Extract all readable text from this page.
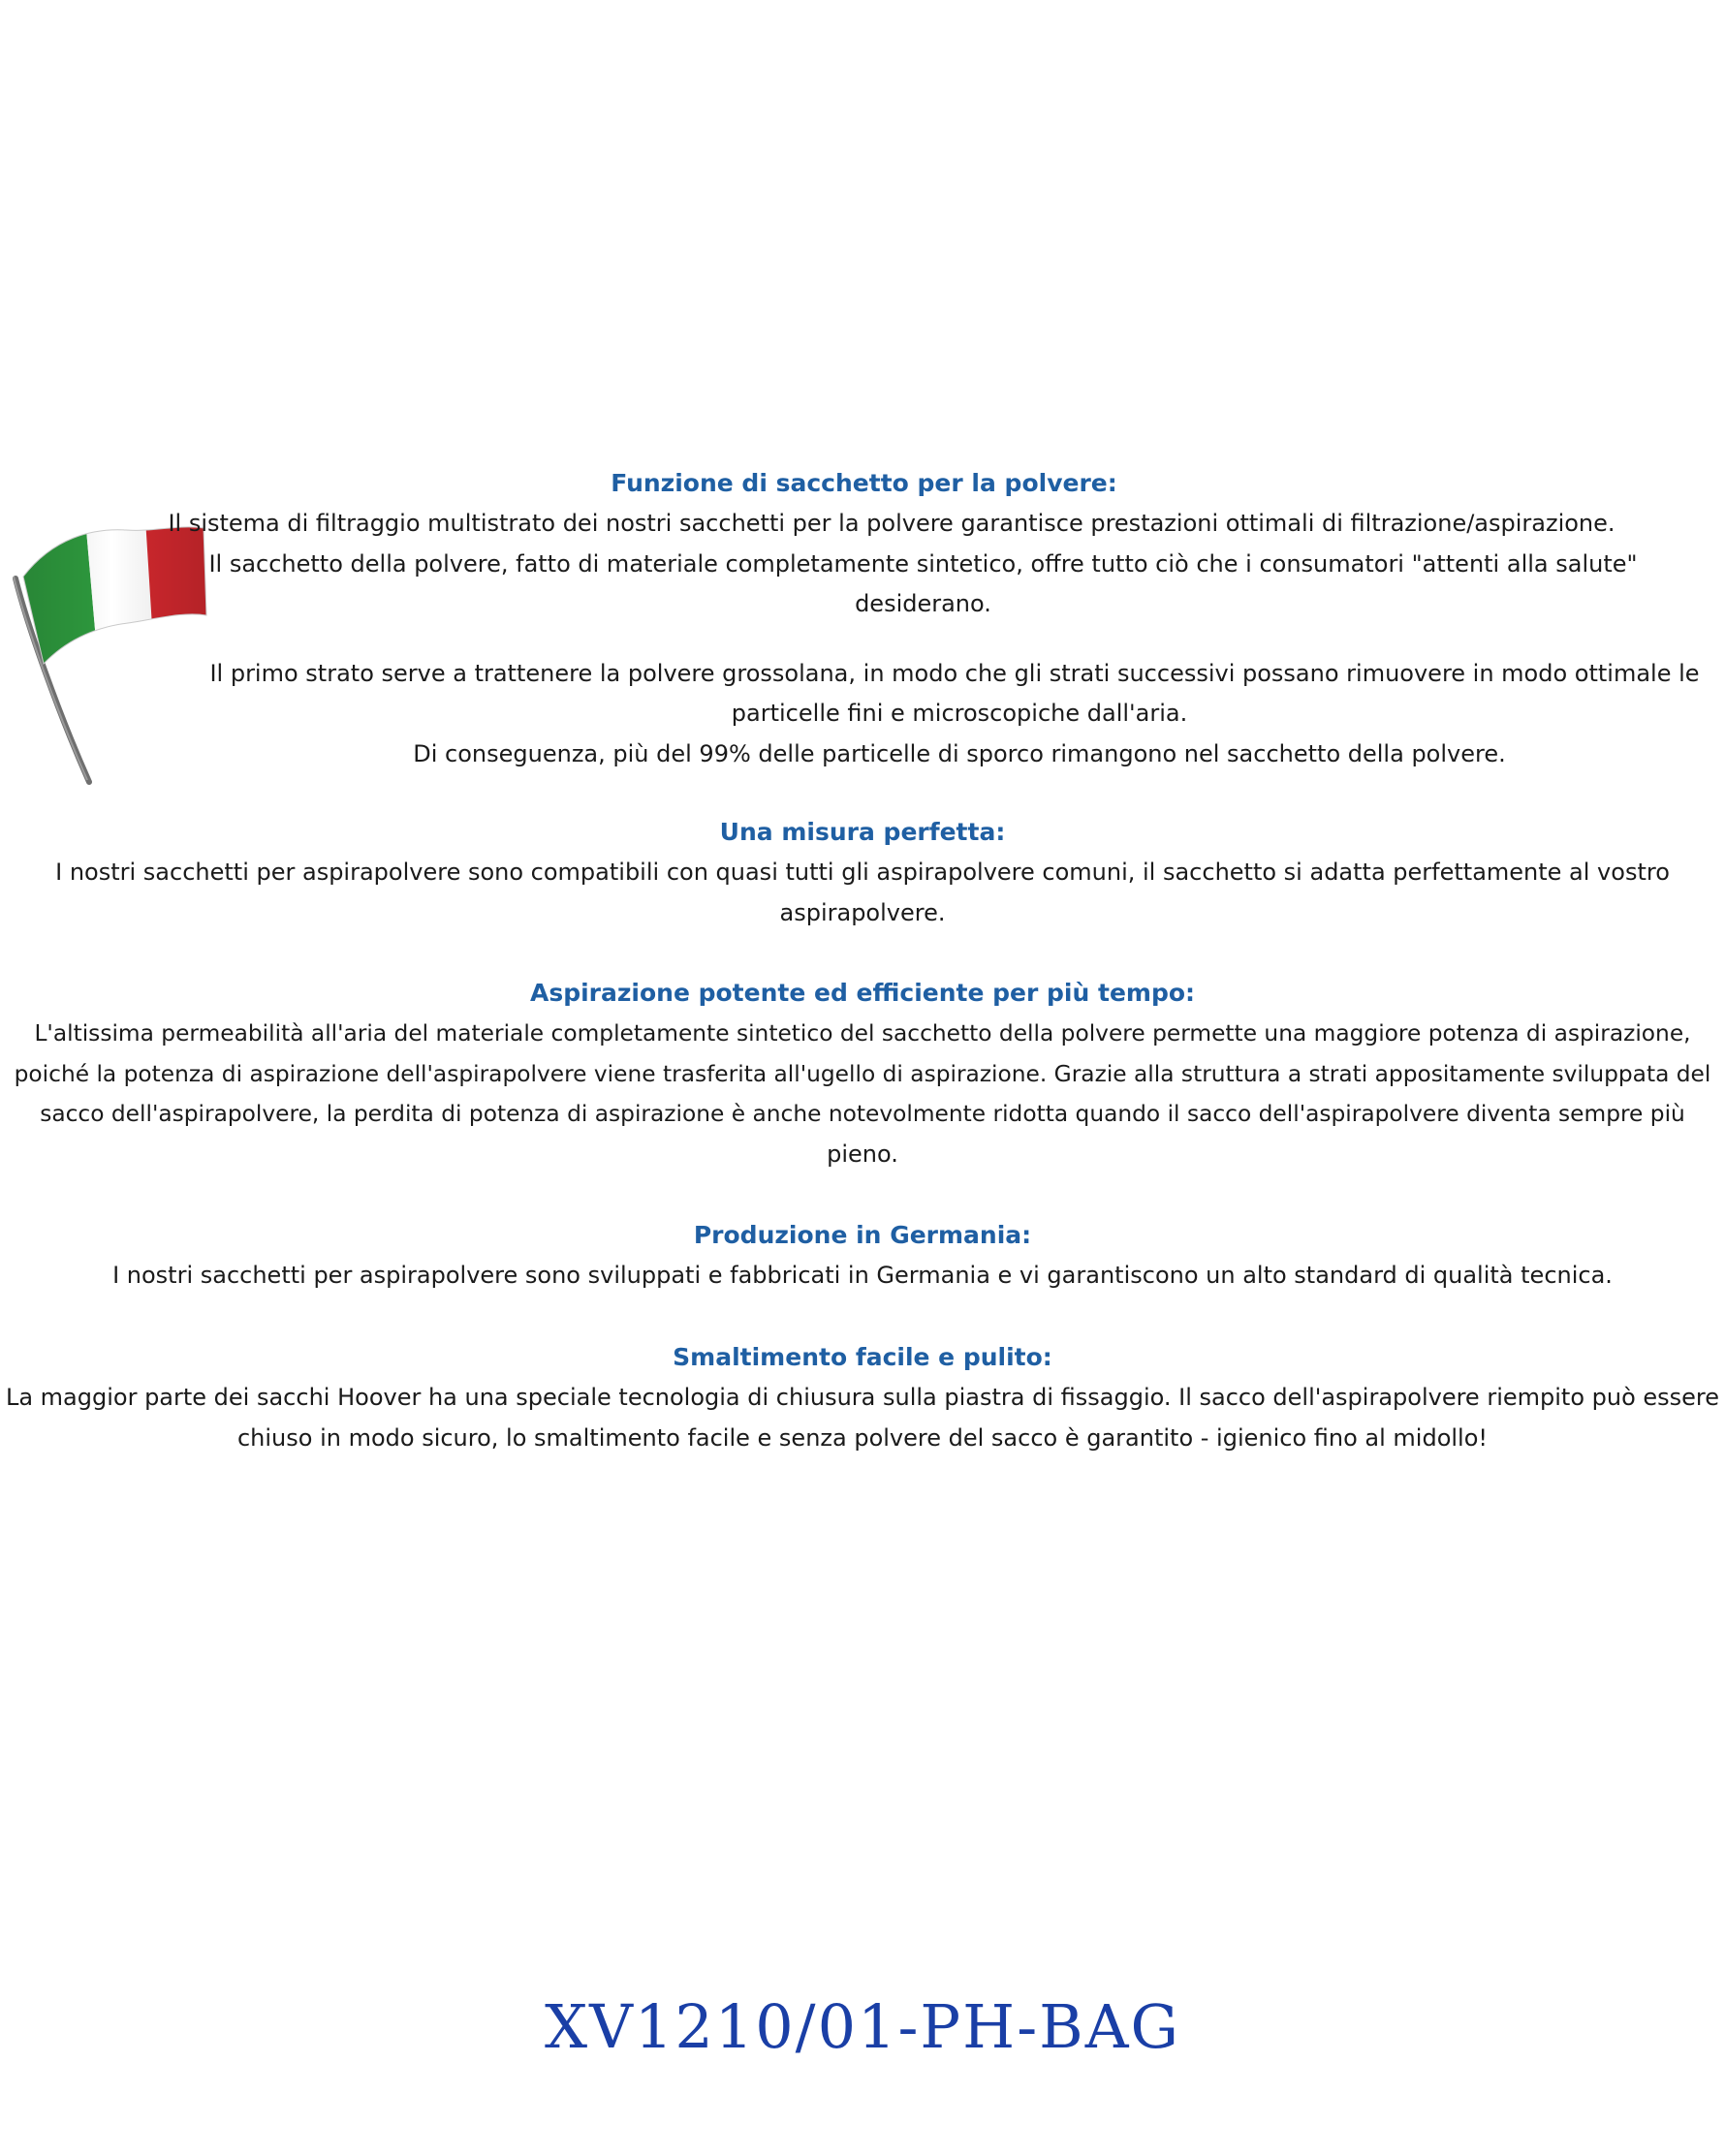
Funzione di sacchetto per la polvere:

Il sistema di filtraggio multistrato dei nostri sacchetti per la polvere garantisce prestazioni ottimali di filtrazione/aspirazione.

Il sacchetto della polvere, fatto di materiale completamente sintetico, offre tutto ciò che i consumatori "attenti alla salute"

desiderano.

Il primo strato serve a trattenere la polvere grossolana, in modo che gli strati successivi possano rimuovere in modo ottimale le

particelle fini e microscopiche dall'aria.

Di conseguenza, più del 99% delle particelle di sporco rimangono nel sacchetto della polvere.

Una misura perfetta:

I nostri sacchetti per aspirapolvere sono compatibili con quasi tutti gli aspirapolvere comuni, il sacchetto si adatta perfettamente al vostro

aspirapolvere.

Aspirazione potente ed efficiente per più tempo:

L'altissima permeabilità all'aria del materiale completamente sintetico del sacchetto della polvere permette una maggiore potenza di aspirazione,

poiché la potenza di aspirazione dell'aspirapolvere viene trasferita all'ugello di aspirazione. Grazie alla struttura a strati appositamente sviluppata del

sacco dell'aspirapolvere, la perdita di potenza di aspirazione è anche notevolmente ridotta quando il sacco dell'aspirapolvere diventa sempre più

pieno.

Produzione in Germania:

I nostri sacchetti per aspirapolvere sono sviluppati e fabbricati in Germania e vi garantiscono un alto standard di qualità tecnica.

Smaltimento facile e pulito:

La maggior parte dei sacchi Hoover ha una speciale tecnologia di chiusura sulla piastra di fissaggio. Il sacco dell'aspirapolvere riempito può essere

chiuso in modo sicuro, lo smaltimento facile e senza polvere del sacco è garantito - igienico fino al midollo!

XV1210/01-PH-BAG
